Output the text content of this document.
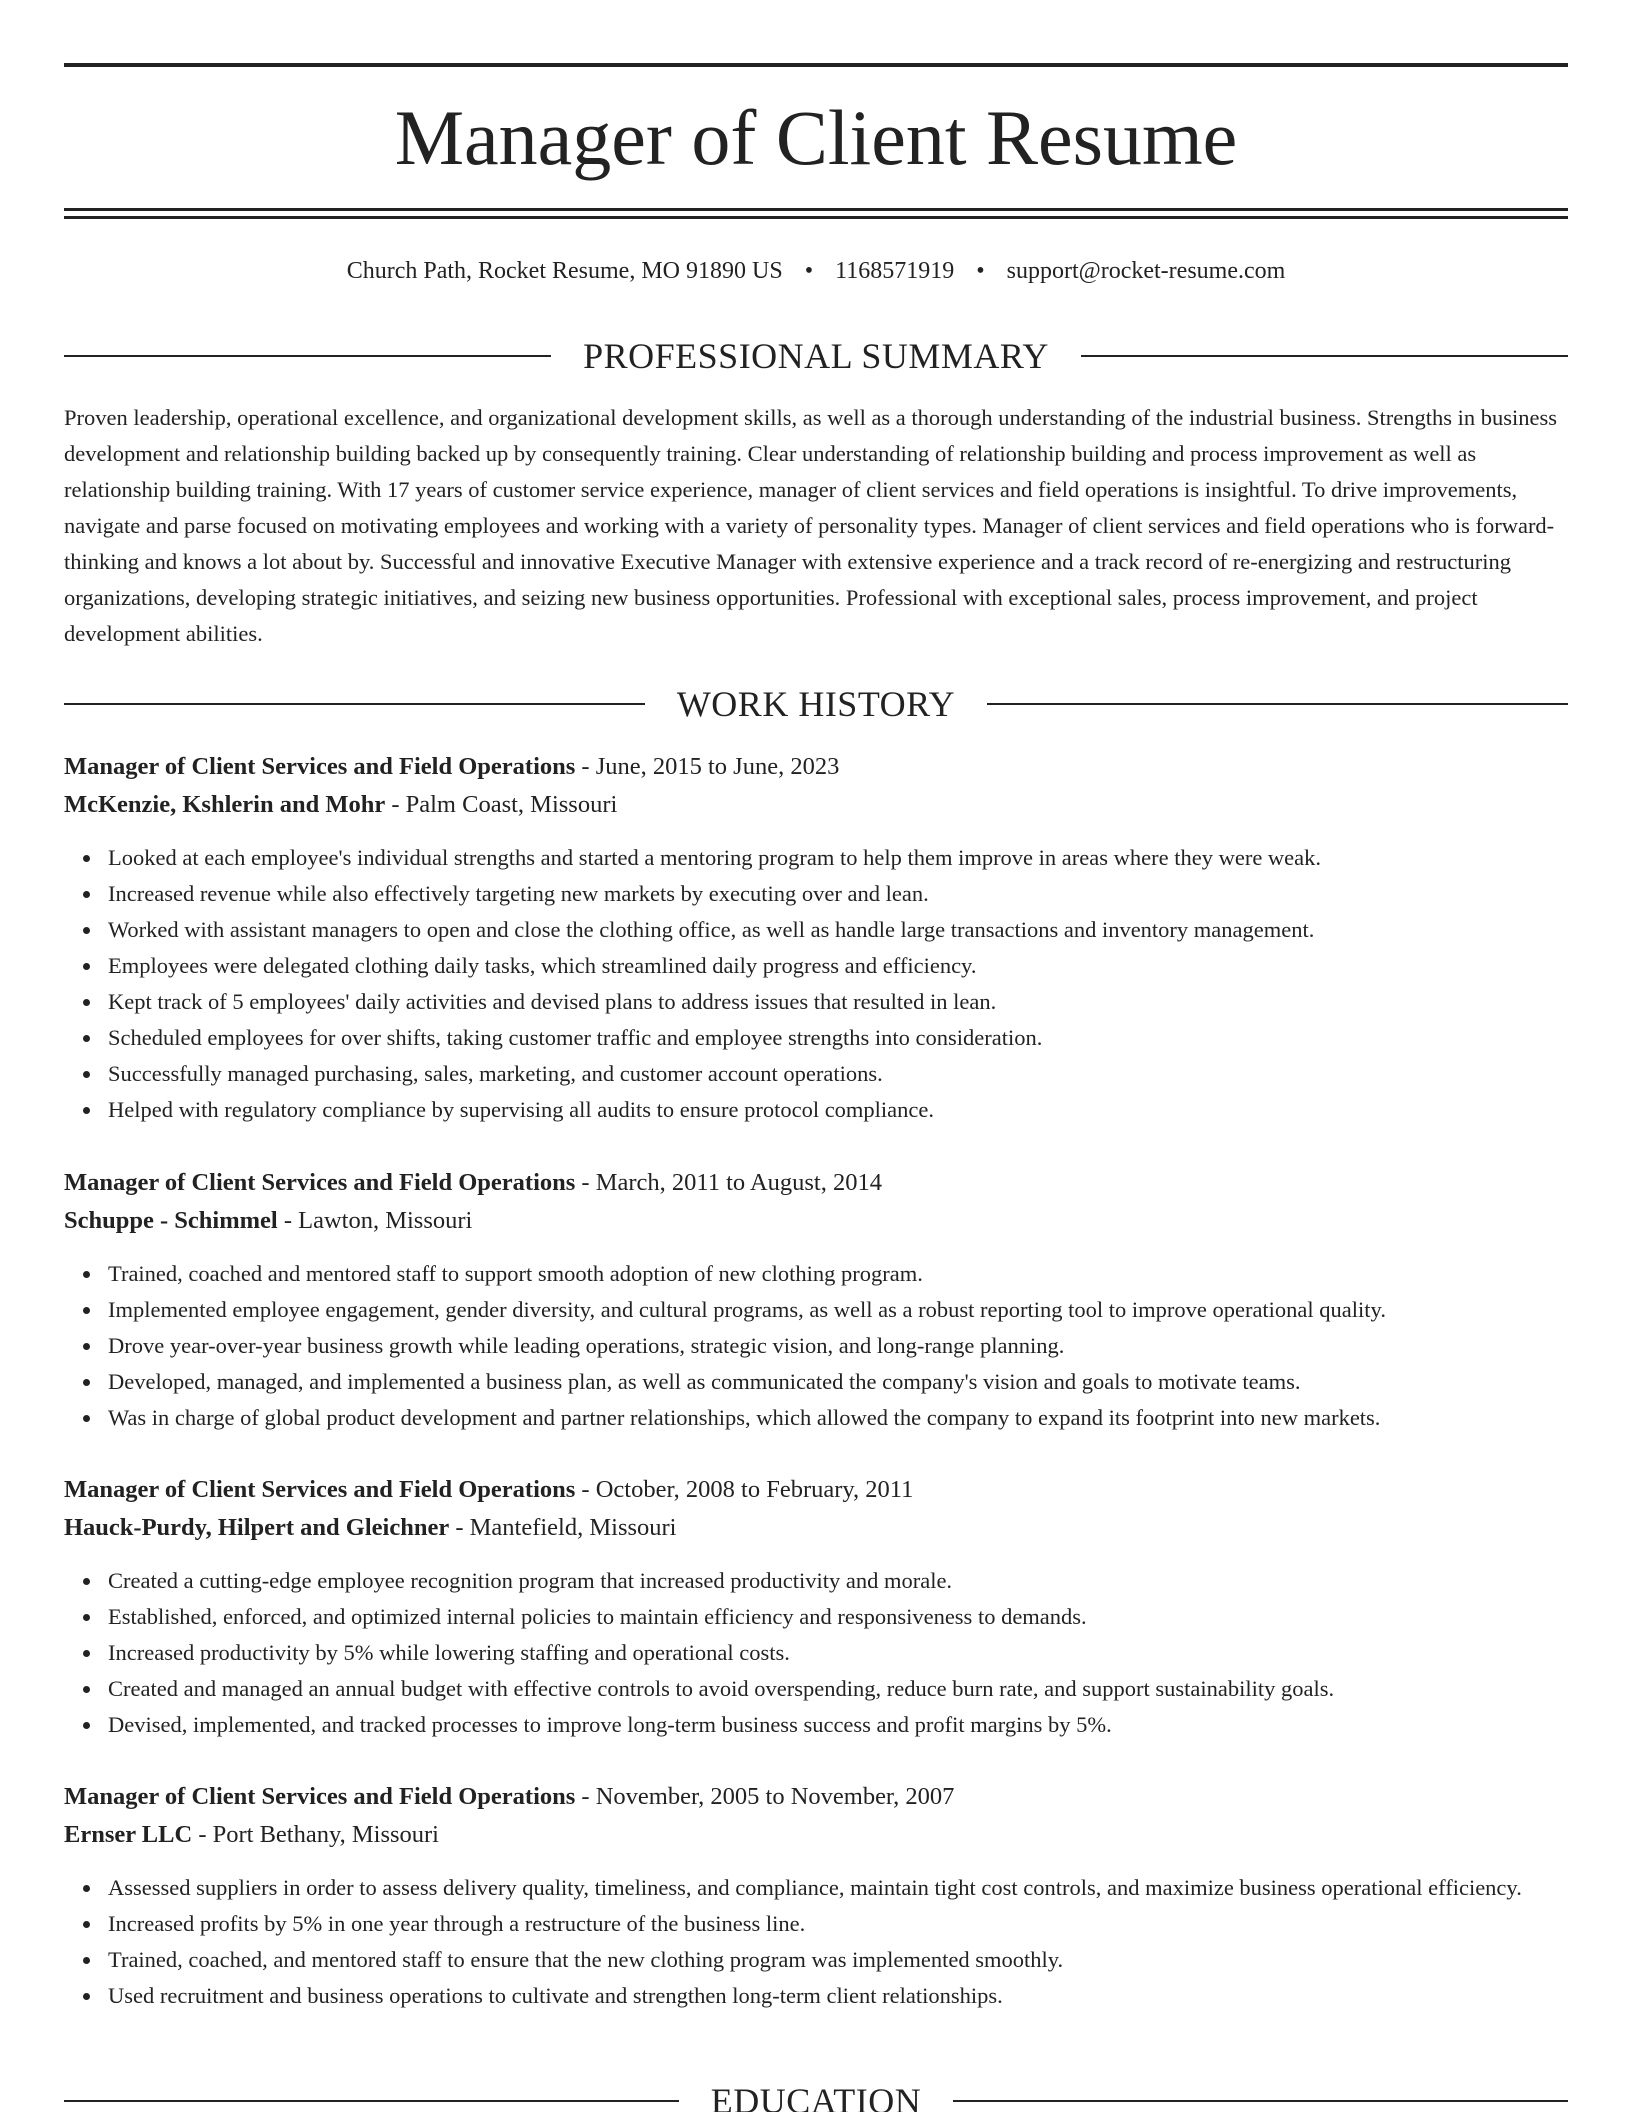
Manager of Client Resume
Church Path, Rocket Resume, MO 91890 US • 1168571919 • support@rocket-resume.com
PROFESSIONAL SUMMARY

Proven leadership, operational excellence, and organizational development skills, as well as a thorough understanding of the industrial business. Strengths in business development and relationship building backed up by consequently training. Clear understanding of relationship building and process improvement as well as relationship building training. With 17 years of customer service experience, manager of client services and field operations is insightful. To drive improvements, navigate and parse focused on motivating employees and working with a variety of personality types. Manager of client services and field operations who is forward-thinking and knows a lot about by. Successful and innovative Executive Manager with extensive experience and a track record of re-energizing and restructuring organizations, developing strategic initiatives, and seizing new business opportunities. Professional with exceptional sales, process improvement, and project development abilities.

WORK HISTORY
Manager of Client Services and Field Operations - June, 2015 to June, 2023
McKenzie, Kshlerin and Mohr - Palm Coast, Missouri
Looked at each employee's individual strengths and started a mentoring program to help them improve in areas where they were weak.
Increased revenue while also effectively targeting new markets by executing over and lean.
Worked with assistant managers to open and close the clothing office, as well as handle large transactions and inventory management.
Employees were delegated clothing daily tasks, which streamlined daily progress and efficiency.
Kept track of 5 employees' daily activities and devised plans to address issues that resulted in lean.
Scheduled employees for over shifts, taking customer traffic and employee strengths into consideration.
Successfully managed purchasing, sales, marketing, and customer account operations.
Helped with regulatory compliance by supervising all audits to ensure protocol compliance.
Manager of Client Services and Field Operations - March, 2011 to August, 2014
Schuppe - Schimmel - Lawton, Missouri
Trained, coached and mentored staff to support smooth adoption of new clothing program.
Implemented employee engagement, gender diversity, and cultural programs, as well as a robust reporting tool to improve operational quality.
Drove year-over-year business growth while leading operations, strategic vision, and long-range planning.
Developed, managed, and implemented a business plan, as well as communicated the company's vision and goals to motivate teams.
Was in charge of global product development and partner relationships, which allowed the company to expand its footprint into new markets.
Manager of Client Services and Field Operations - October, 2008 to February, 2011
Hauck-Purdy, Hilpert and Gleichner - Mantefield, Missouri
Created a cutting-edge employee recognition program that increased productivity and morale.
Established, enforced, and optimized internal policies to maintain efficiency and responsiveness to demands.
Increased productivity by 5% while lowering staffing and operational costs.
Created and managed an annual budget with effective controls to avoid overspending, reduce burn rate, and support sustainability goals.
Devised, implemented, and tracked processes to improve long-term business success and profit margins by 5%.
Manager of Client Services and Field Operations - November, 2005 to November, 2007
Ernser LLC - Port Bethany, Missouri
Assessed suppliers in order to assess delivery quality, timeliness, and compliance, maintain tight cost controls, and maximize business operational efficiency.
Increased profits by 5% in one year through a restructure of the business line.
Trained, coached, and mentored staff to ensure that the new clothing program was implemented smoothly.
Used recruitment and business operations to cultivate and strengthen long-term client relationships.
EDUCATION
